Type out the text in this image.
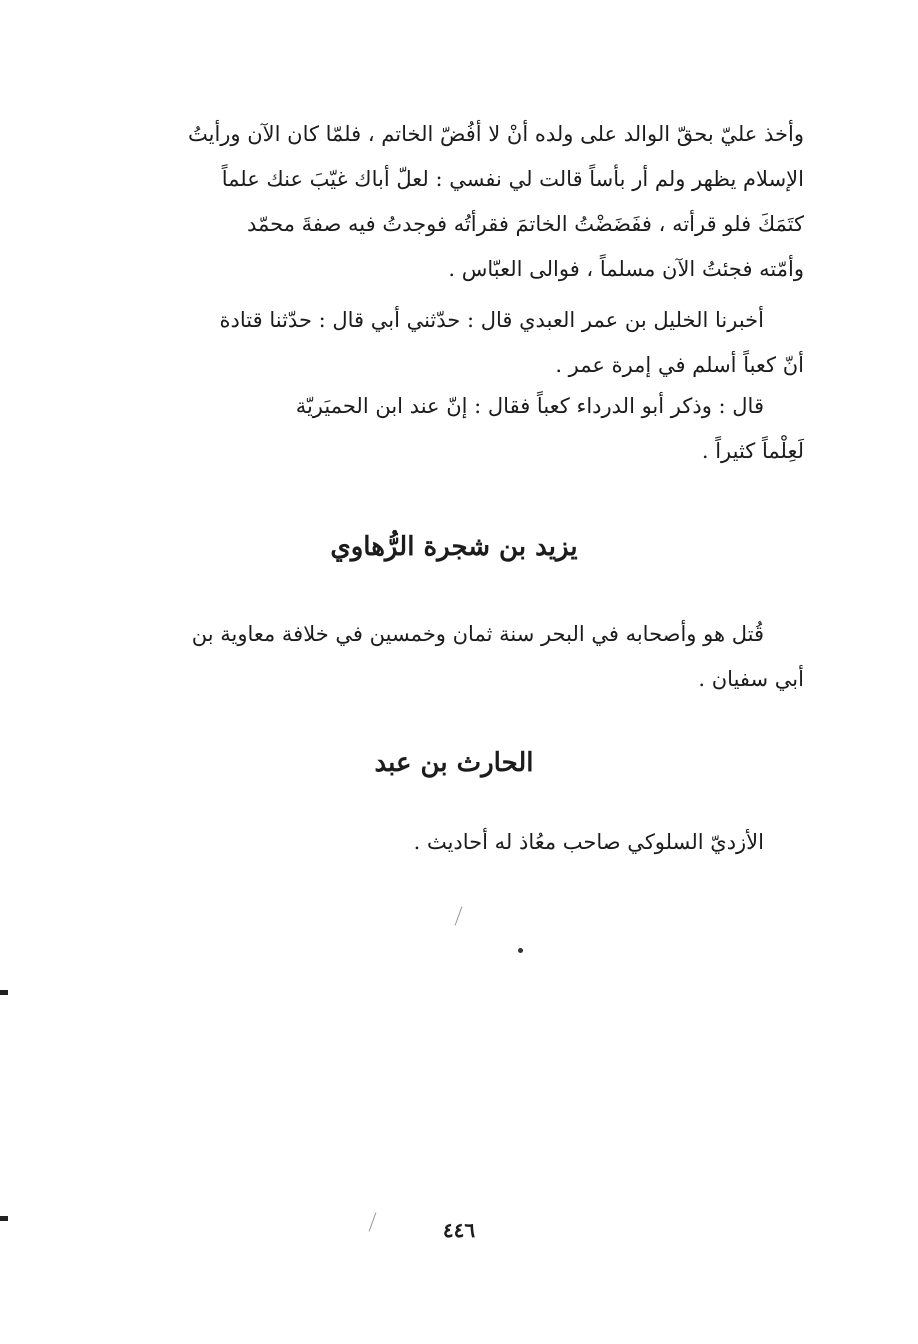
وأخذ عليّ بحقّ الوالد على ولده أنْ لا أفُضّ الخاتم ، فلمّا كان الآن ورأيتُ
الإسلام يظهر ولم أر بأساً قالت لي نفسي : لعلّ أباك غيّبَ عنك علماً
كتَمَكَ فلو قرأته ، ففَضَضْتُ الخاتمَ فقرأتُه فوجدتُ فيه صفةَ محمّد
وأمّته فجئتُ الآن مسلماً ، فوالى العبّاس .
أخبرنا الخليل بن عمر العبدي قال : حدّثني أبي قال : حدّثنا قتادة
أنّ كعباً أسلم في إمرة عمر .
قال : وذكر أبو الدرداء كعباً فقال : إنّ عند ابن الحميَريّة
لَعِلْماً كثيراً .
يزيد بن شجرة الرُّهاوي
قُتل هو وأصحابه في البحر سنة ثمان وخمسين في خلافة معاوية بن
أبي سفيان .
الحارث بن عبد
الأزديّ السلوكي صاحب معُاذ له أحاديث .
٤٤٦
